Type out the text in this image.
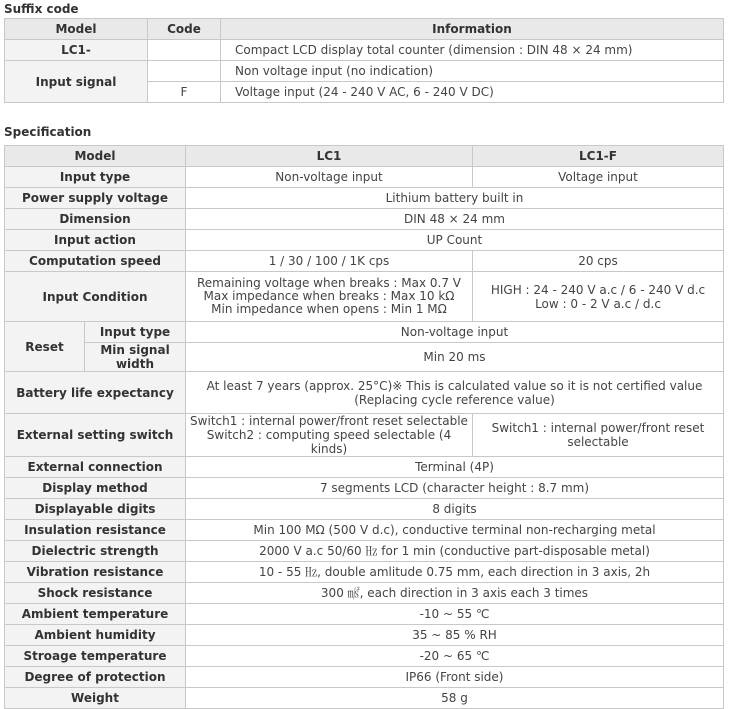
Suffix code
Model	Code	Information
LC1-		Compact LCD display total counter (dimension : DIN 48 × 24 mm)
Input signal		Non voltage input (no indication)
	F	Voltage input (24 - 240 V AC, 6 - 240 V DC)
Specification
Model		LC1	LC1-F
Input type		Non-voltage input	Voltage input
Power supply voltage		Lithium battery built in	
Dimension		DIN 48 × 24 mm	
Input action		UP Count	
Computation speed		1 / 30 / 100 / 1K cps	20 cps
Input Condition		Remaining voltage when breaks : Max 0.7 V
Max impedance when breaks : Max 10 kΩ
Min impedance when opens : Min 1 MΩ	HIGH : 24 - 240 V a.c / 6 - 240 V d.c
Low : 0 - 2 V a.c / d.c
Reset	Input type	Non-voltage input	
	Min signal width	Min 20 ms	
Battery life expectancy		At least 7 years (approx. 25°C)※ This is calculated value so it is not certified value
(Replacing cycle reference value)	
External setting switch		Switch1 : internal power/front reset selectable
Switch2 : computing speed selectable (4 kinds)	Switch1 : internal power/front reset
selectable
External connection		Terminal (4P)	
Display method		7 segments LCD (character height : 8.7 mm)	
Displayable digits		8 digits	
Insulation resistance		Min 100 MΩ (500 V d.c), conductive terminal non-recharging metal	
Dielectric strength		2000 V a.c 50/60 ㎐ for 1 min (conductive part-disposable metal)	
Vibration resistance		10 - 55 ㎐, double amlitude 0.75 mm, each direction in 3 axis, 2h	
Shock resistance		300 ㎨, each direction in 3 axis each 3 times	
Ambient temperature		-10 ~ 55 ℃	
Ambient humidity		35 ~ 85 % RH	
Stroage temperature		-20 ~ 65 ℃	
Degree of protection		IP66 (Front side)	
Weight		58 g	
